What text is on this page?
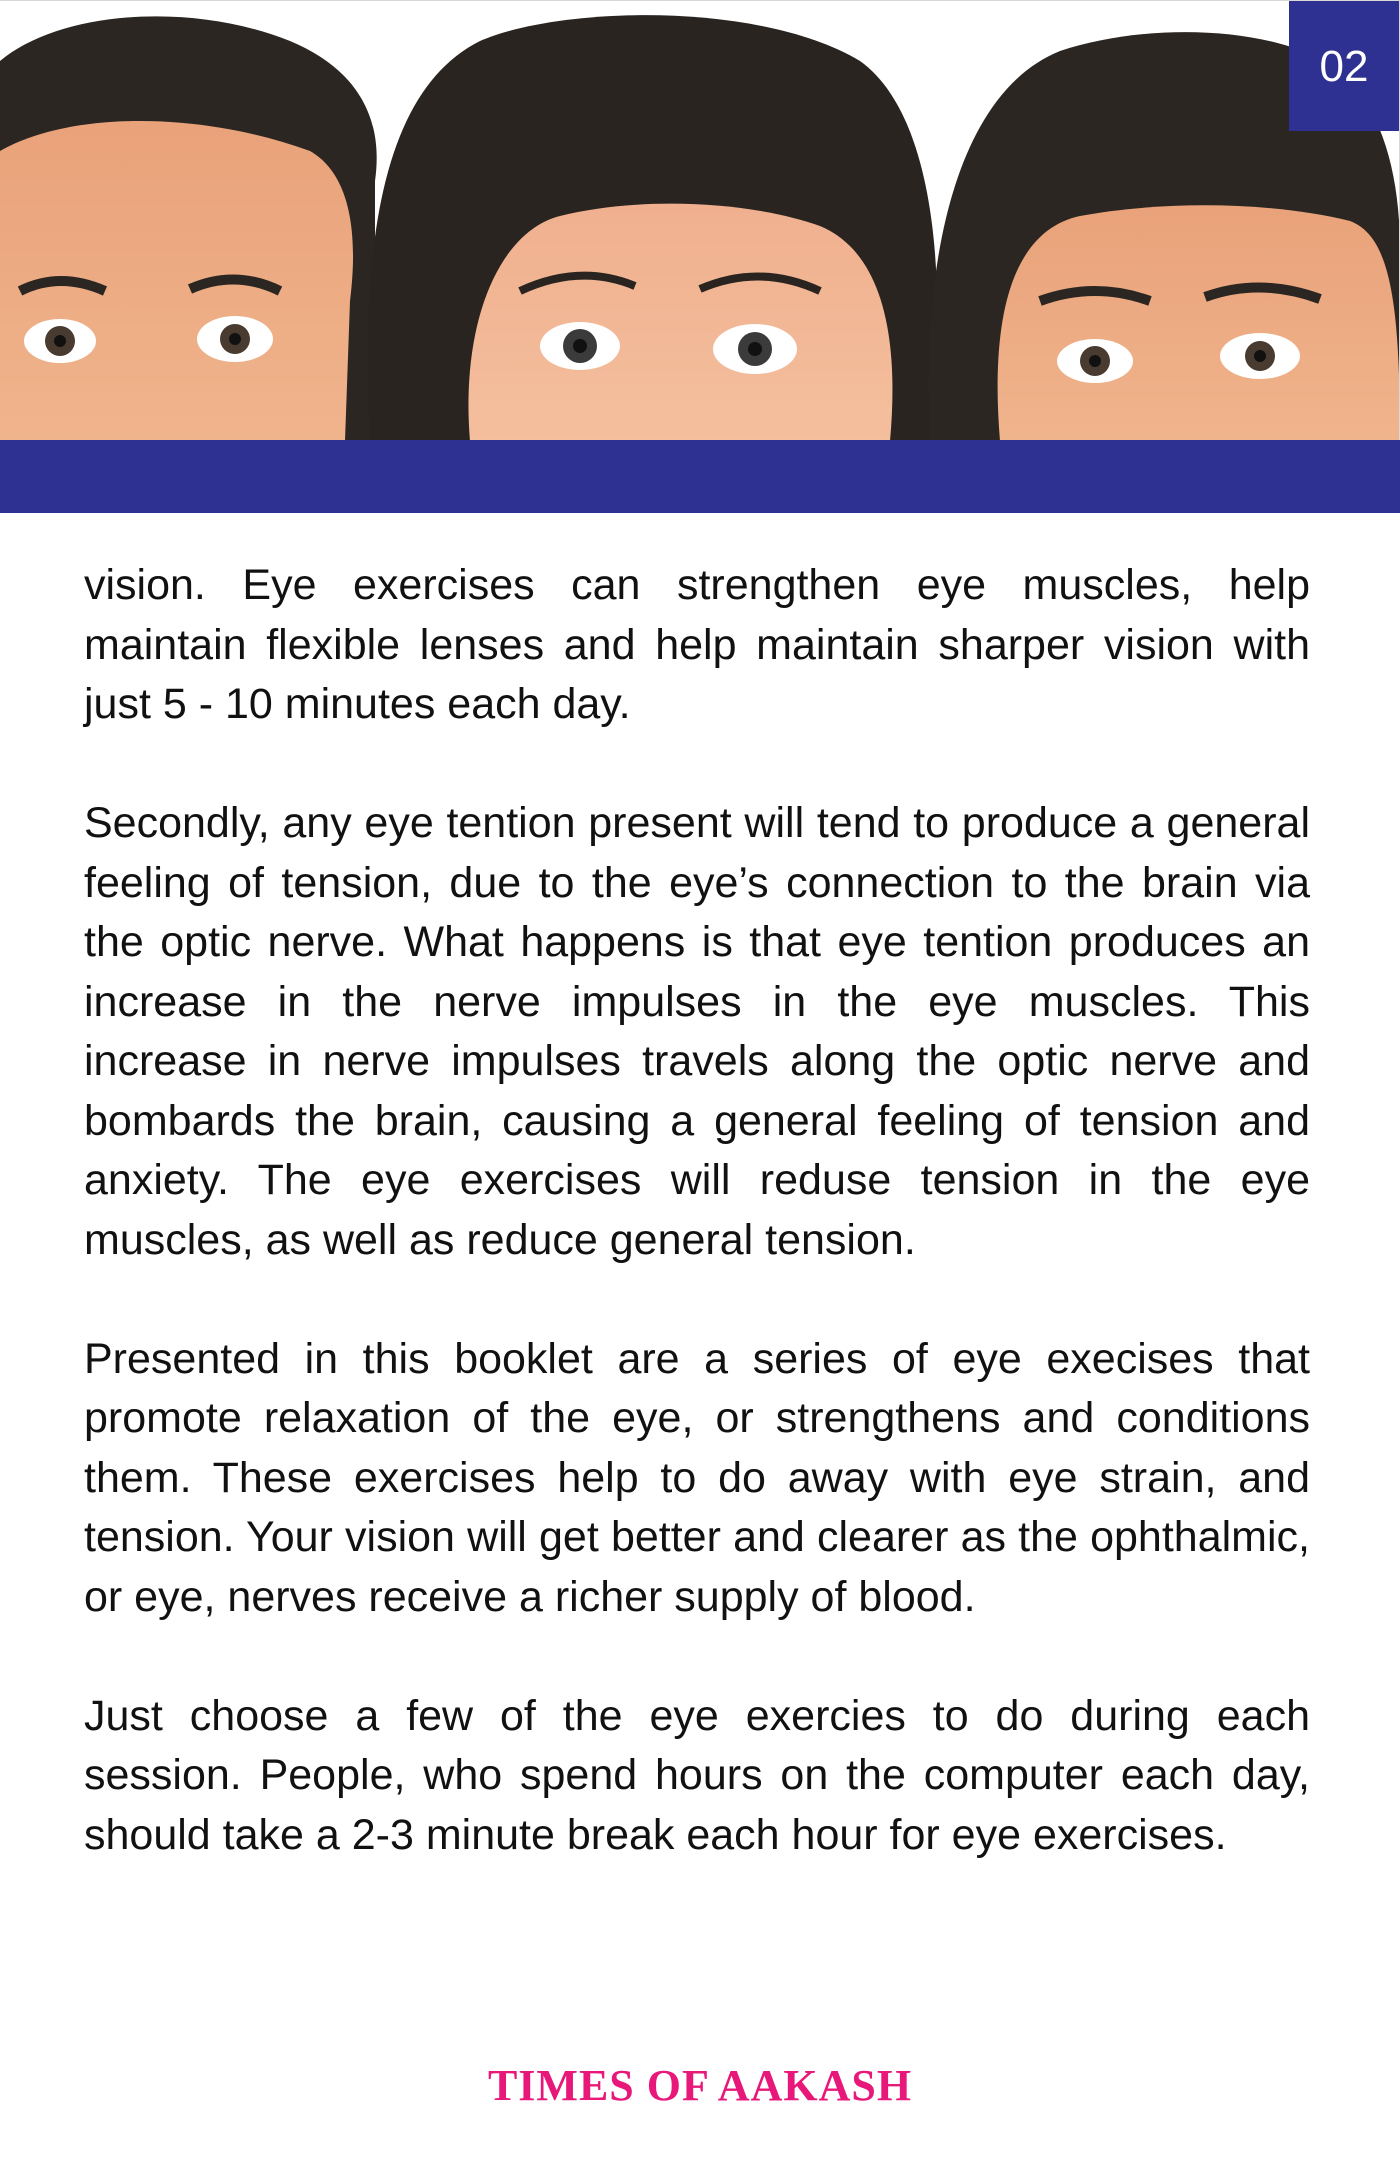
02

vision. Eye exercises can strengthen eye muscles, help maintain flexible lenses and help maintain sharper vision with just 5 - 10 minutes each day.

Secondly, any eye tention present will tend to produce a general feeling of tension, due to the eye’s connection to the brain via the optic nerve. What happens is that eye tention produces an increase in the nerve impulses in the eye muscles. This increase in nerve impulses travels along the optic nerve and bombards the brain, causing a general feeling of tension and anxiety. The eye exercises will reduse tension in the eye muscles, as well as reduce general tension.

Presented in this booklet are a series of eye execises that promote relaxation of the eye, or strengthens and conditions them. These exercises help to do away with eye strain, and tension. Your vision will get better and clearer as the ophthalmic, or eye, nerves receive a richer supply of blood.

Just choose a few of the eye exercies to do during each session. People, who spend hours on the computer each day, should take a 2-3 minute break each hour for eye exercises.

TIMES OF AAKASH
